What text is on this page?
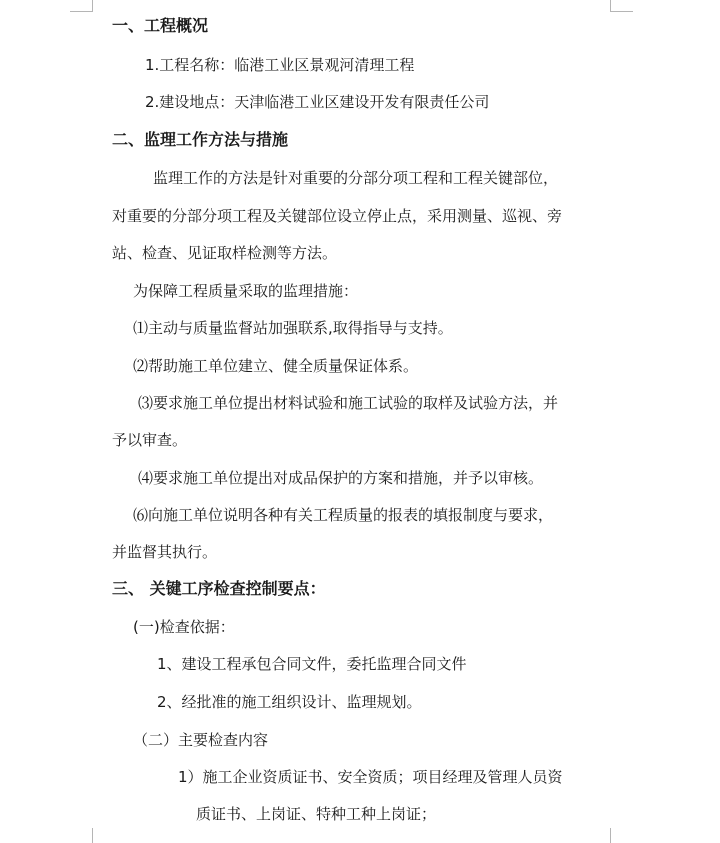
一、工程概况
1.工程名称：临港工业区景观河清理工程
2.建设地点：天津临港工业区建设开发有限责任公司
二、监理工作方法与措施
监理工作的方法是针对重要的分部分项工程和工程关键部位，
对重要的分部分项工程及关键部位设立停止点，采用测量、巡视、旁
站、检查、见证取样检测等方法。
为保障工程质量采取的监理措施：
⑴主动与质量监督站加强联系,取得指导与支持。
⑵帮助施工单位建立、健全质量保证体系。
⑶要求施工单位提出材料试验和施工试验的取样及试验方法，并
予以审查。
⑷要求施工单位提出对成品保护的方案和措施，并予以审核。
⑹向施工单位说明各种有关工程质量的报表的填报制度与要求，
并监督其执行。
三、 关键工序检查控制要点：
(一)检查依据：
1、建设工程承包合同文件，委托监理合同文件
2、经批准的施工组织设计、监理规划。
（二）主要检查内容
1）施工企业资质证书、安全资质；项目经理及管理人员资
质证书、上岗证、特种工种上岗证；
